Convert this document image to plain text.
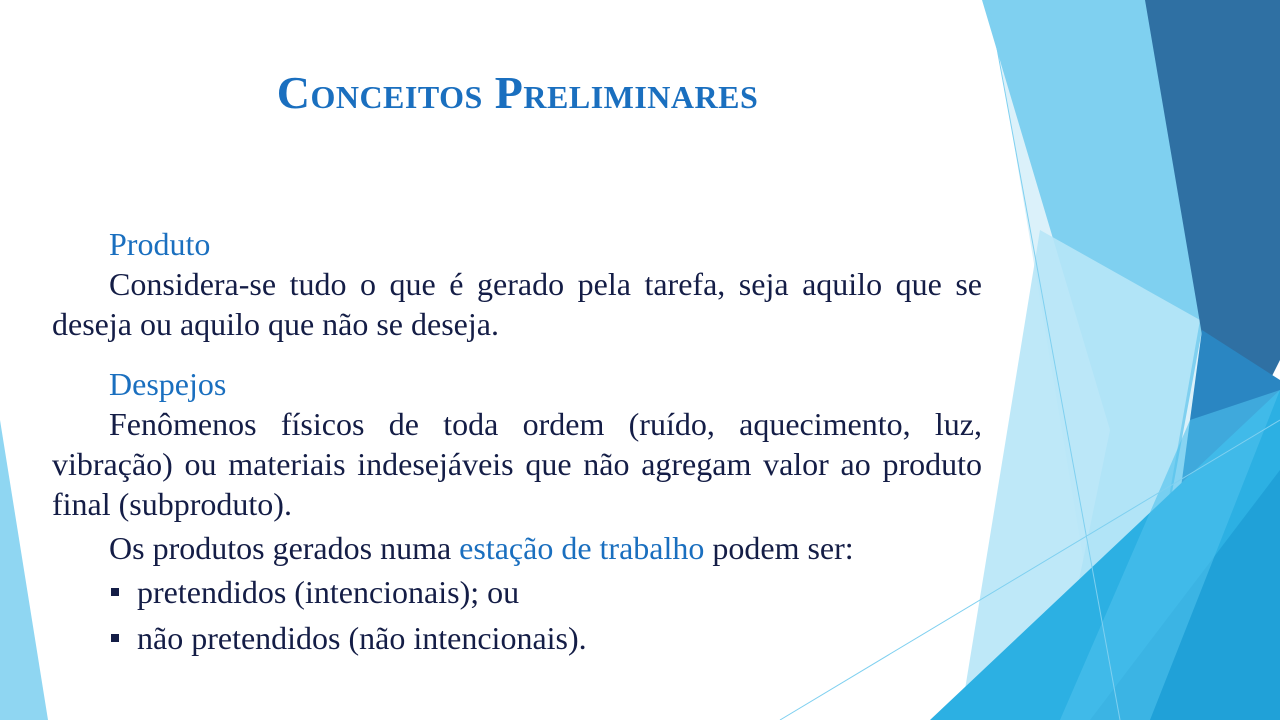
Conceitos Preliminares

Produto

Considera-se tudo o que é gerado pela tarefa, seja aquilo que se deseja ou aquilo que não se deseja.

Despejos

Fenômenos físicos de toda ordem (ruído, aquecimento, luz, vibração) ou materiais indesejáveis que não agregam valor ao produto final (subproduto).

Os produtos gerados numa estação de trabalho podem ser:

pretendidos (intencionais); ou
não pretendidos (não intencionais).
